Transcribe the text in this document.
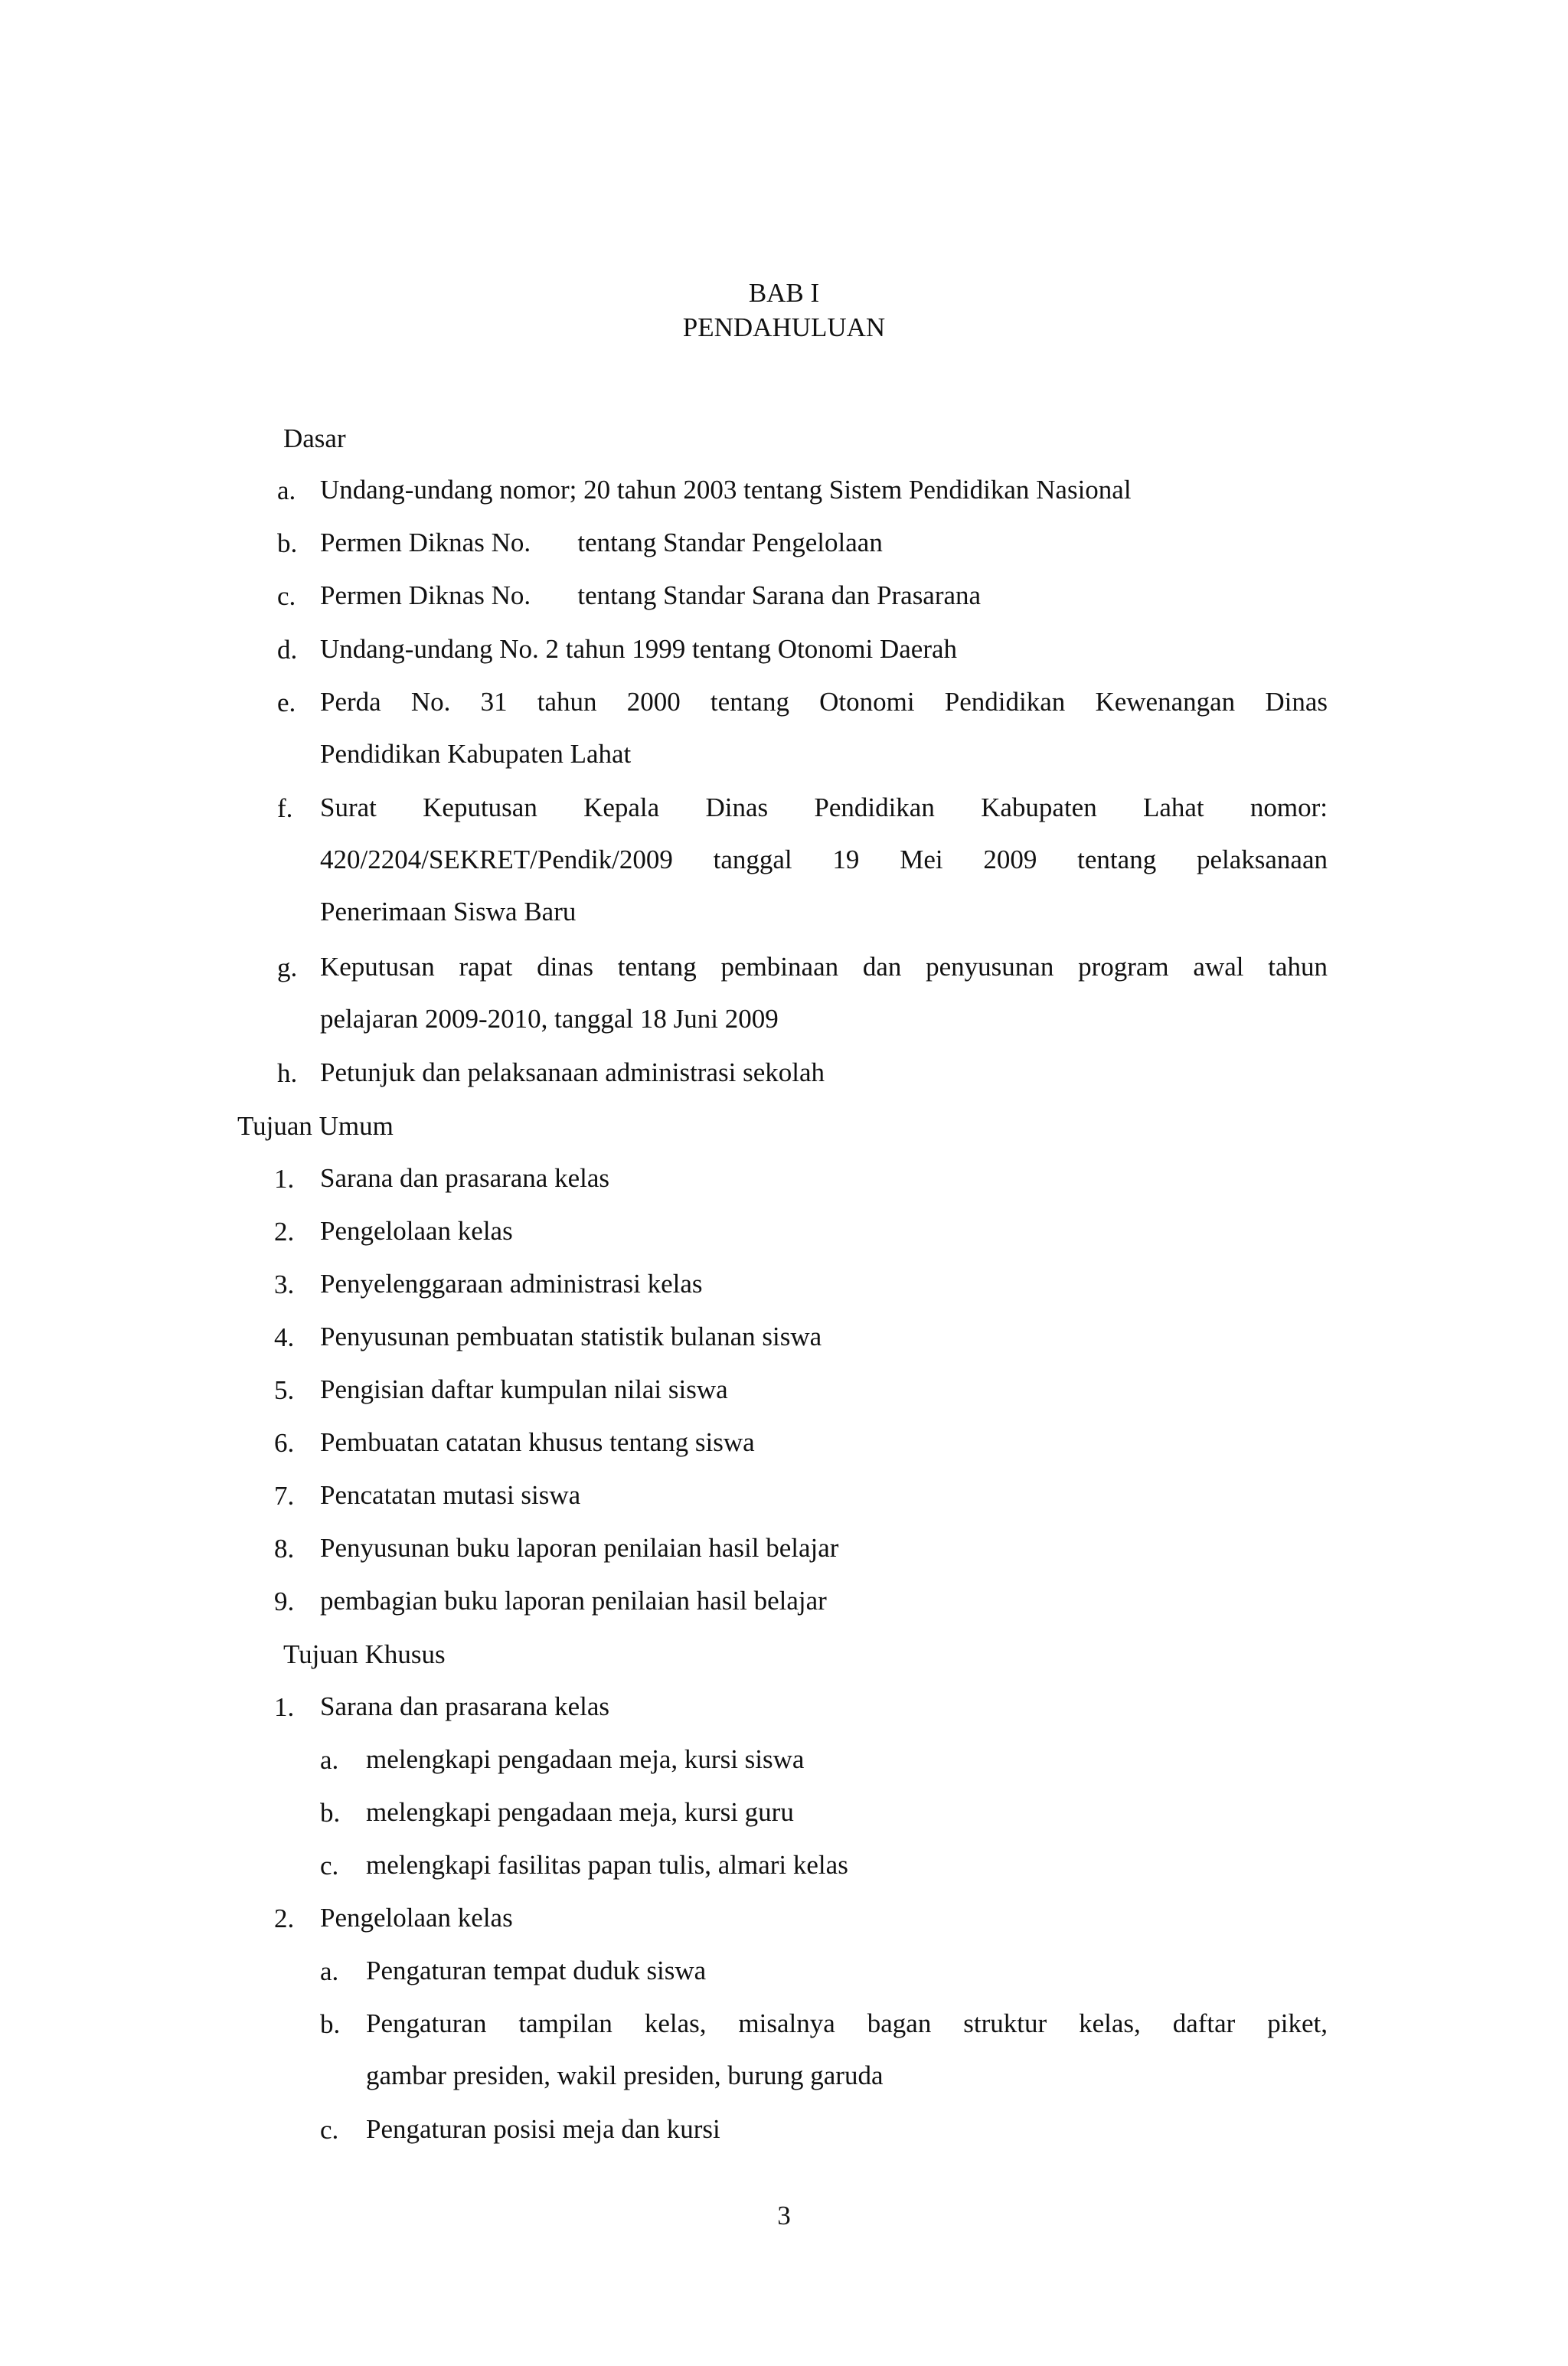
BAB I
PENDAHULUAN
Dasar
a. Undang-undang nomor; 20 tahun 2003 tentang Sistem Pendidikan Nasional
b. Permen Diknas No.       tentang Standar Pengelolaan
c. Permen Diknas No.       tentang Standar Sarana dan Prasarana
d. Undang-undang No. 2 tahun 1999 tentang Otonomi Daerah
e. Perda No. 31 tahun 2000 tentang Otonomi Pendidikan Kewenangan Dinas
Pendidikan Kabupaten Lahat
f. Surat Keputusan Kepala Dinas Pendidikan Kabupaten Lahat nomor:
420/2204/SEKRET/Pendik/2009 tanggal 19 Mei 2009 tentang pelaksanaan
Penerimaan Siswa Baru
g. Keputusan rapat dinas tentang pembinaan dan penyusunan program awal tahun
pelajaran 2009-2010, tanggal 18 Juni 2009
h. Petunjuk dan pelaksanaan administrasi sekolah
Tujuan Umum
1. Sarana dan prasarana kelas
2. Pengelolaan kelas
3. Penyelenggaraan administrasi kelas
4. Penyusunan pembuatan statistik bulanan siswa
5. Pengisian daftar kumpulan nilai siswa
6. Pembuatan catatan khusus tentang siswa
7. Pencatatan mutasi siswa
8. Penyusunan buku laporan penilaian hasil belajar
9. pembagian buku laporan penilaian hasil belajar
Tujuan Khusus
1. Sarana dan prasarana kelas
a. melengkapi pengadaan meja, kursi siswa
b. melengkapi pengadaan meja, kursi guru
c. melengkapi fasilitas papan tulis, almari kelas
2. Pengelolaan kelas
a. Pengaturan tempat duduk siswa
b. Pengaturan tampilan kelas, misalnya bagan struktur kelas, daftar piket,
gambar presiden, wakil presiden, burung garuda
c. Pengaturan posisi meja dan kursi
3
